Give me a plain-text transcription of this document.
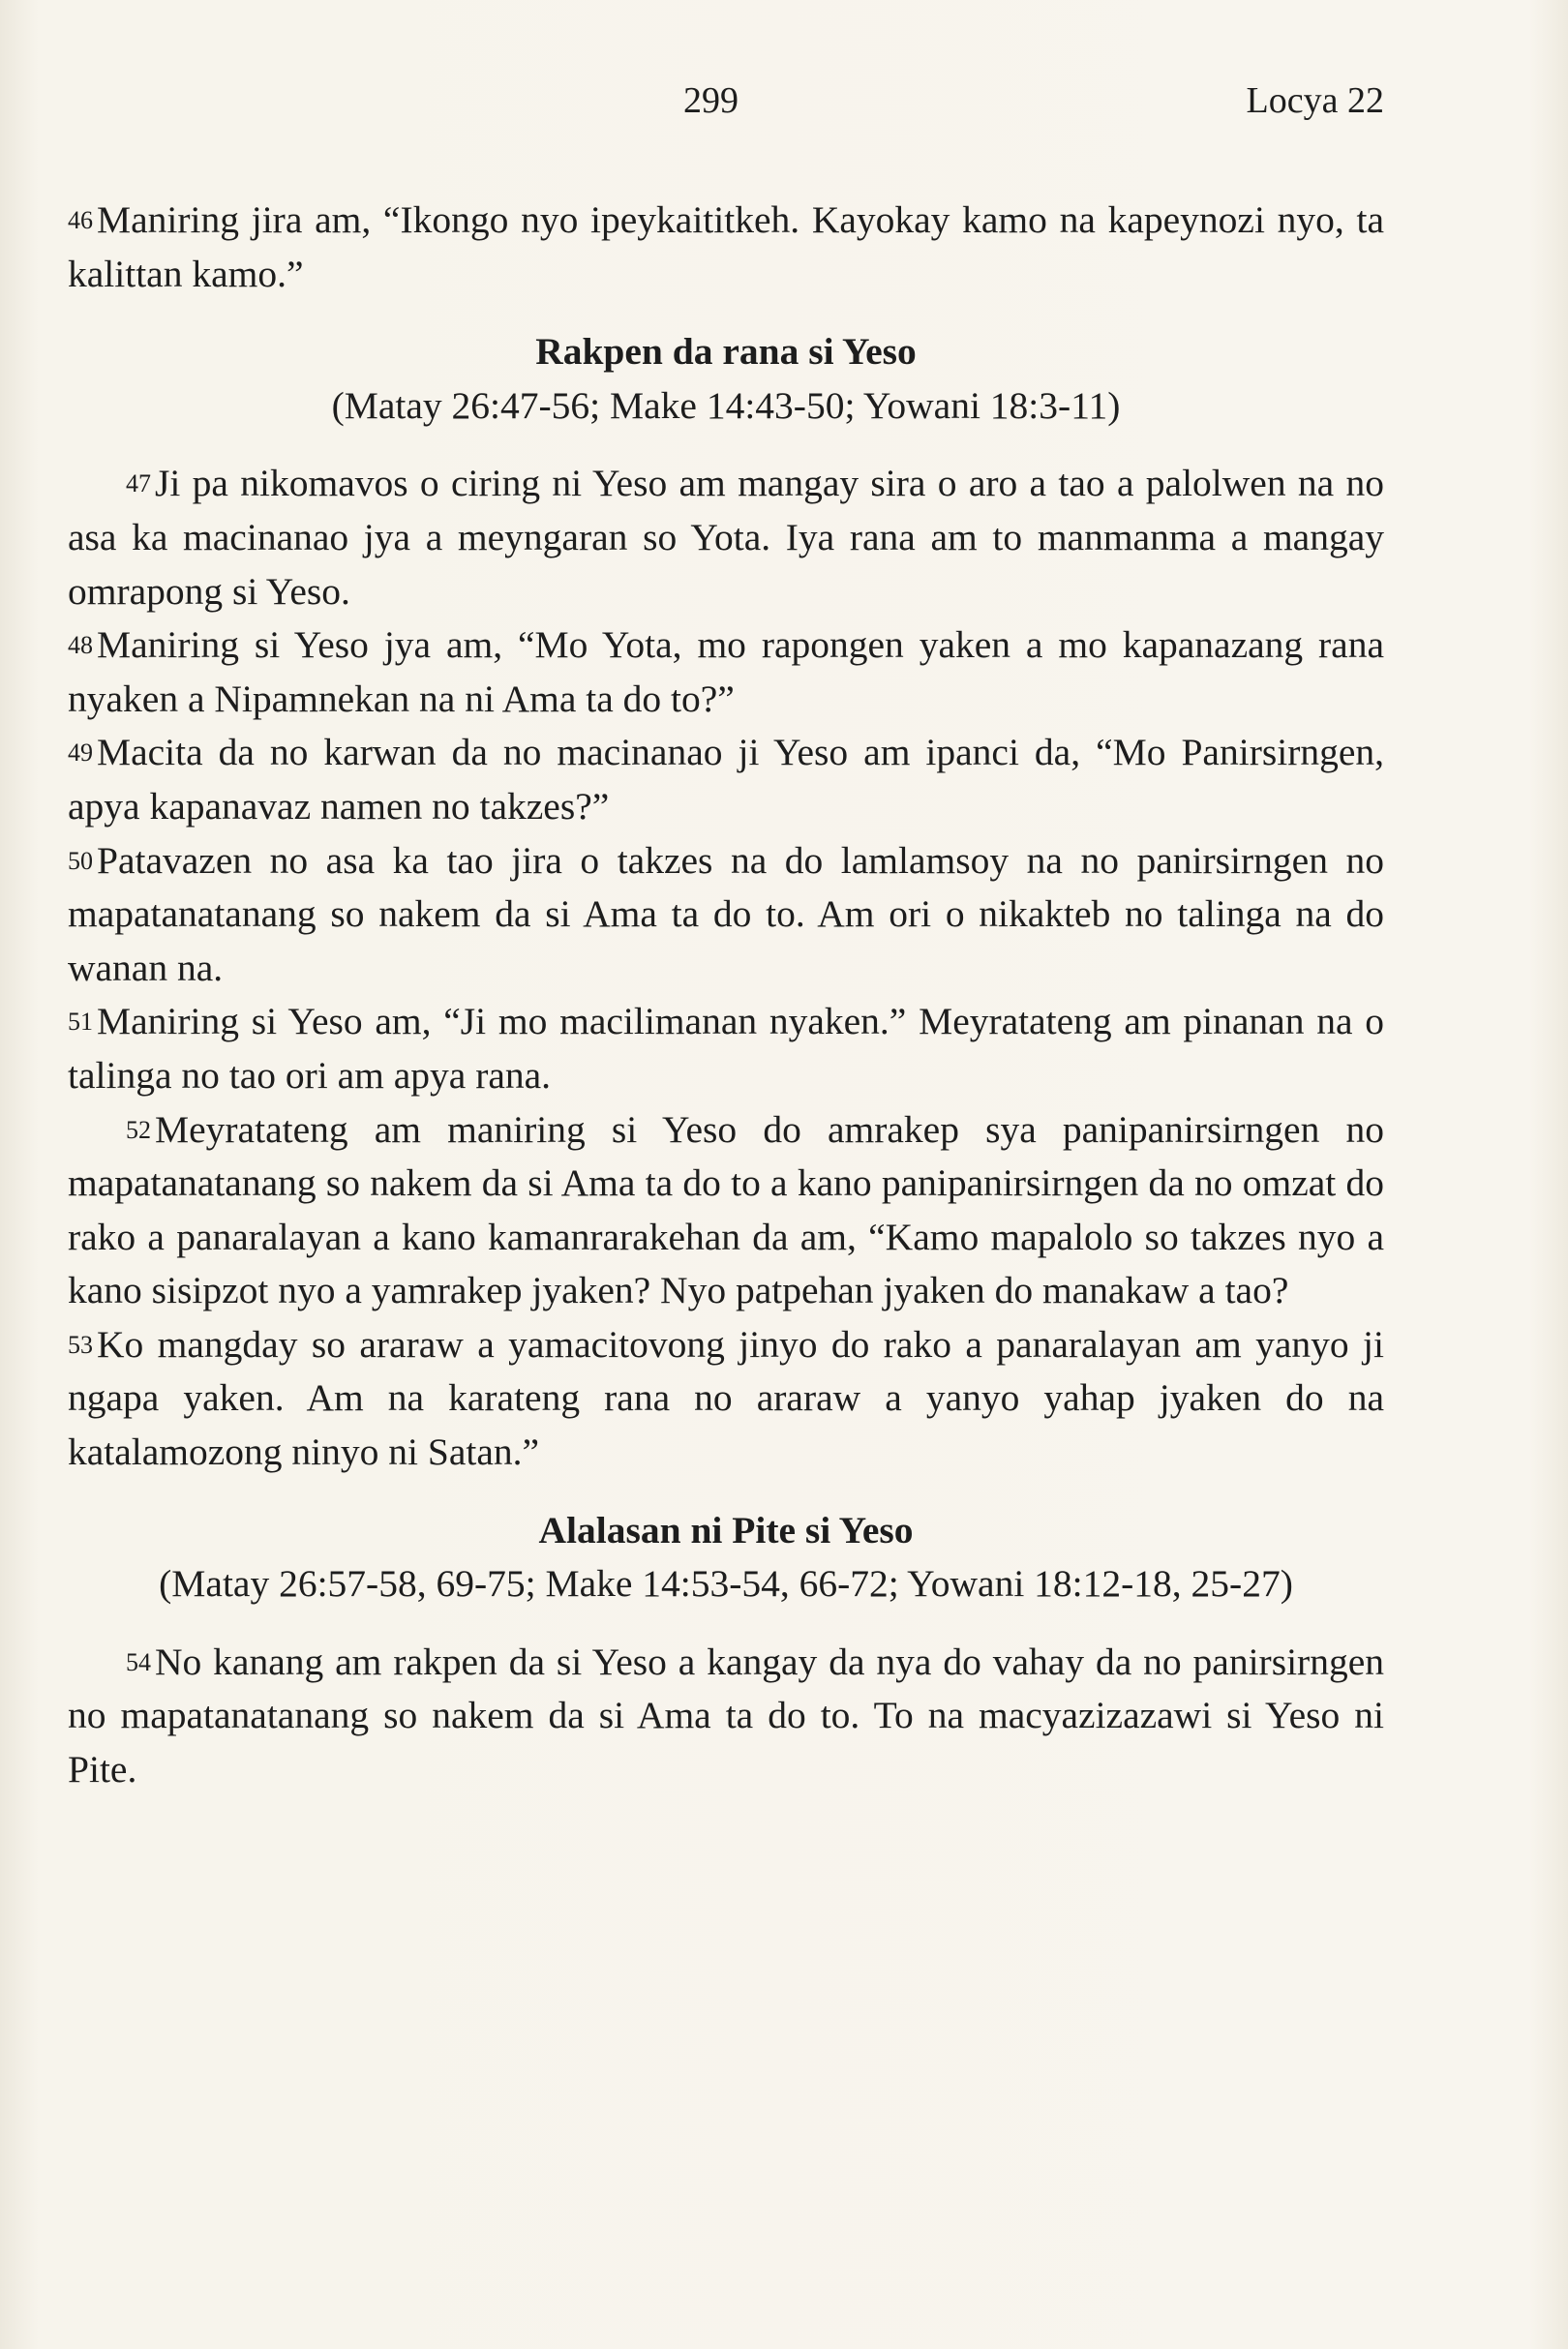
299	Locya 22

46 Maniring jira am, “Ikongo nyo ipeykaititkeh. Kayokay kamo na kapeynozi nyo, ta kalittan kamo.”

Rakpen da rana si Yeso

(Matay 26:47-56; Make 14:43-50; Yowani 18:3-11)

47 Ji pa nikomavos o ciring ni Yeso am mangay sira o aro a tao a palolwen na no asa ka macinanao jya a meyngaran so Yota. Iya rana am to manmanma a mangay omrapong si Yeso.

48 Maniring si Yeso jya am, “Mo Yota, mo rapongen yaken a mo kapanazang rana nyaken a Nipamnekan na ni Ama ta do to?”

49 Macita da no karwan da no macinanao ji Yeso am ipanci da, “Mo Panirsirngen, apya kapanavaz namen no takzes?”

50 Patavazen no asa ka tao jira o takzes na do lamlamsoy na no panirsirngen no mapatanatanang so nakem da si Ama ta do to. Am ori o nikakteb no talinga na do wanan na.

51 Maniring si Yeso am, “Ji mo macilimanan nyaken.” Meyratateng am pinanan na o talinga no tao ori am apya rana.

52 Meyratateng am maniring si Yeso do amrakep sya panipanirsirngen no mapatanatanang so nakem da si Ama ta do to a kano panipanirsirngen da no omzat do rako a panaralayan a kano kamanrarakehan da am, “Kamo mapalolo so takzes nyo a kano sisipzot nyo a yamrakep jyaken? Nyo patpehan jyaken do manakaw a tao?

53 Ko mangday so araraw a yamacitovong jinyo do rako a panaralayan am yanyo ji ngapa yaken. Am na karateng rana no araraw a yanyo yahap jyaken do na katalamozong ninyo ni Satan.”

Alalasan ni Pite si Yeso

(Matay 26:57-58, 69-75; Make 14:53-54, 66-72; Yowani 18:12-18, 25-27)

54 No kanang am rakpen da si Yeso a kangay da nya do vahay da no panirsirngen no mapatanatanang so nakem da si Ama ta do to. To na macyazizazawi si Yeso ni Pite.
